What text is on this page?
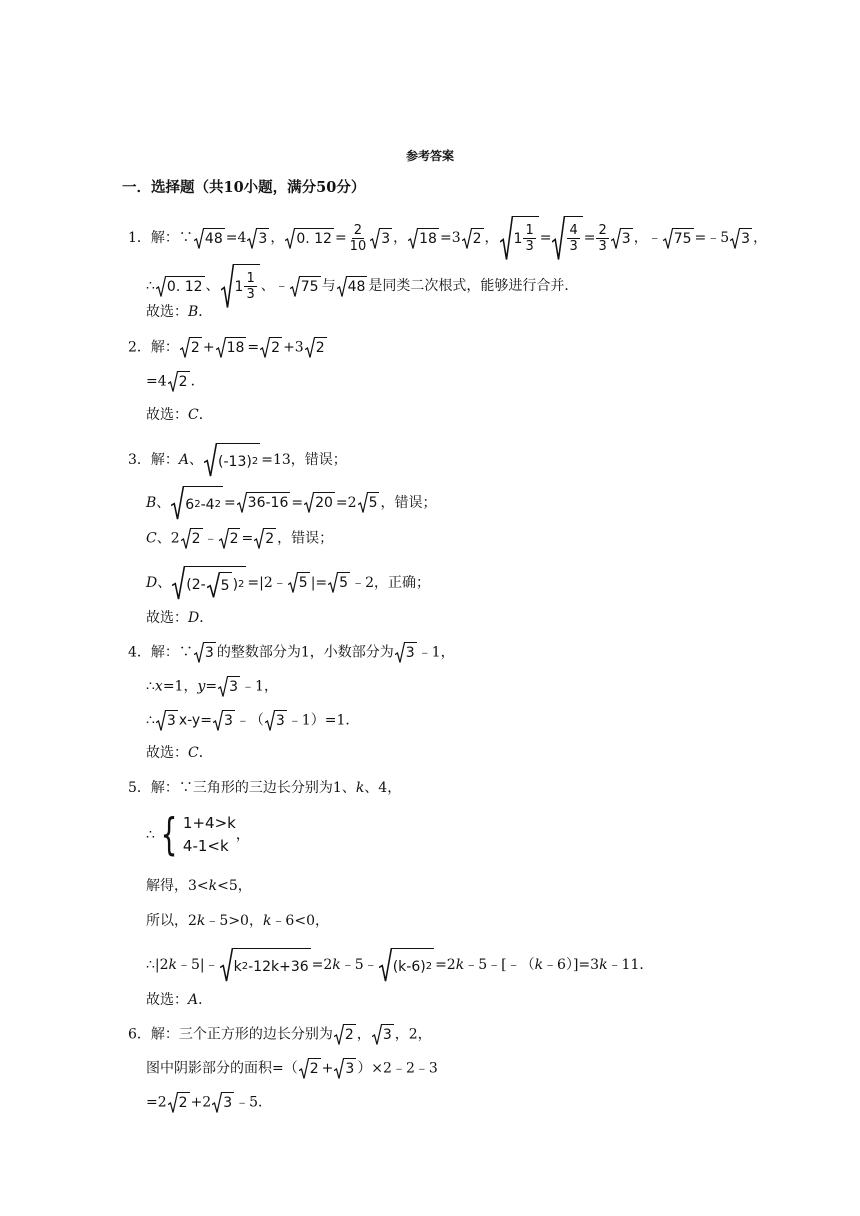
参考答案
一．选择题（共10小题，满分50分）
1．解：∵ 48 =4 3 ， 0. $12 = \frac{2}{10} 3$ ， 18 =3 2 ， $1 \frac{1}{3} = \frac{4}{3} = \frac{2}{3} 3$ ，﹣ 75 =﹣5 3 ，
∴ 0. 12 、 $1 \frac{1}{3}$ 、﹣ 75 与 48 是同类二次根式，能够进行合并．
故选：B．
2．解： 2 + 18 = 2 +3 2
=4 2 ．
故选：C．
3．解：A、 (-13) 2 =13，错误；
B、 6 2 -4 2 = 36-16 = 20 =2 5 ，错误；
C、2 2 ﹣ 2 = 2 ，错误；
D、 (2- 5 ) 2 =|2﹣ 5 |= 5 ﹣2，正确；
故选：D．
4．解：∵ 3 的整数部分为1，小数部分为 3 ﹣1，
∴x=1，y= 3 ﹣1，
∴ 3 x-y= 3 ﹣（ 3 ﹣1）=1．
故选：C．
5．解：∵三角形的三边长分别为1、k、4，
∴ { 1+4>k
4-1<k
，
解得，3<k<5，
所以，2k﹣5>0，k﹣6<0，
∴|2k﹣5|﹣ k 2 -12k+36 =2k﹣5﹣ (k-6) 2 =2k﹣5﹣[﹣（k﹣6）]=3k﹣11．
故选：A．
6．解：三个正方形的边长分别为 2 ， 3 ，2，
图中阴影部分的面积=（ 2 + 3 ）×2﹣2﹣3
=2 2 +2 3 ﹣5．
